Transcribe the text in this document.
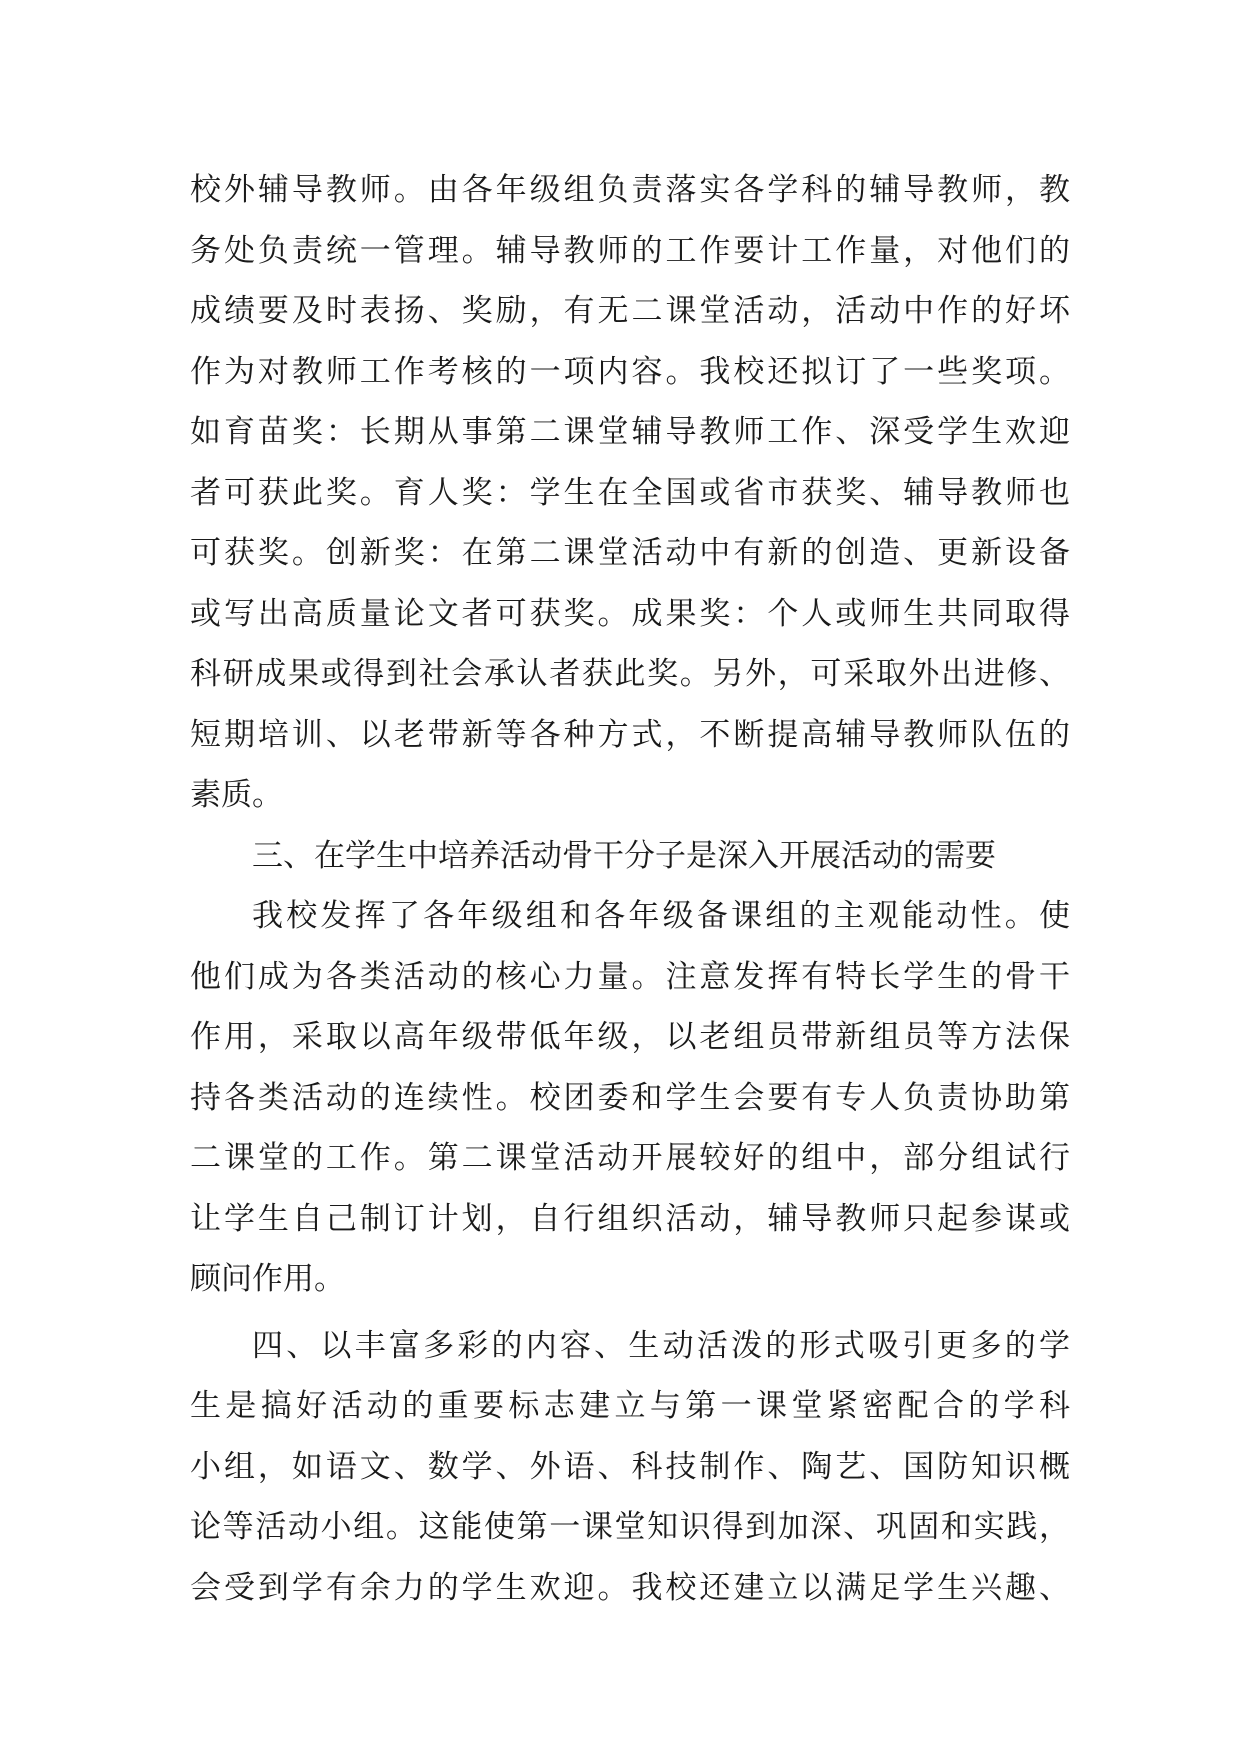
校外辅导教师。由各年级组负责落实各学科的辅导教师，教
务处负责统一管理。辅导教师的工作要计工作量，对他们的
成绩要及时表扬、奖励，有无二课堂活动，活动中作的好坏
作为对教师工作考核的一项内容。我校还拟订了一些奖项。
如育苗奖：长期从事第二课堂辅导教师工作、深受学生欢迎
者可获此奖。育人奖：学生在全国或省市获奖、辅导教师也
可获奖。创新奖：在第二课堂活动中有新的创造、更新设备
或写出高质量论文者可获奖。成果奖：个人或师生共同取得
科研成果或得到社会承认者获此奖。另外，可采取外出进修、
短期培训、以老带新等各种方式，不断提高辅导教师队伍的
素质。
三、在学生中培养活动骨干分子是深入开展活动的需要
我校发挥了各年级组和各年级备课组的主观能动性。使
他们成为各类活动的核心力量。注意发挥有特长学生的骨干
作用，采取以高年级带低年级，以老组员带新组员等方法保
持各类活动的连续性。校团委和学生会要有专人负责协助第
二课堂的工作。第二课堂活动开展较好的组中，部分组试行
让学生自己制订计划，自行组织活动，辅导教师只起参谋或
顾问作用。
四、以丰富多彩的内容、生动活泼的形式吸引更多的学
生是搞好活动的重要标志建立与第一课堂紧密配合的学科
小组，如语文、数学、外语、科技制作、陶艺、国防知识概
论等活动小组。这能使第一课堂知识得到加深、巩固和实践，
会受到学有余力的学生欢迎。我校还建立以满足学生兴趣、
